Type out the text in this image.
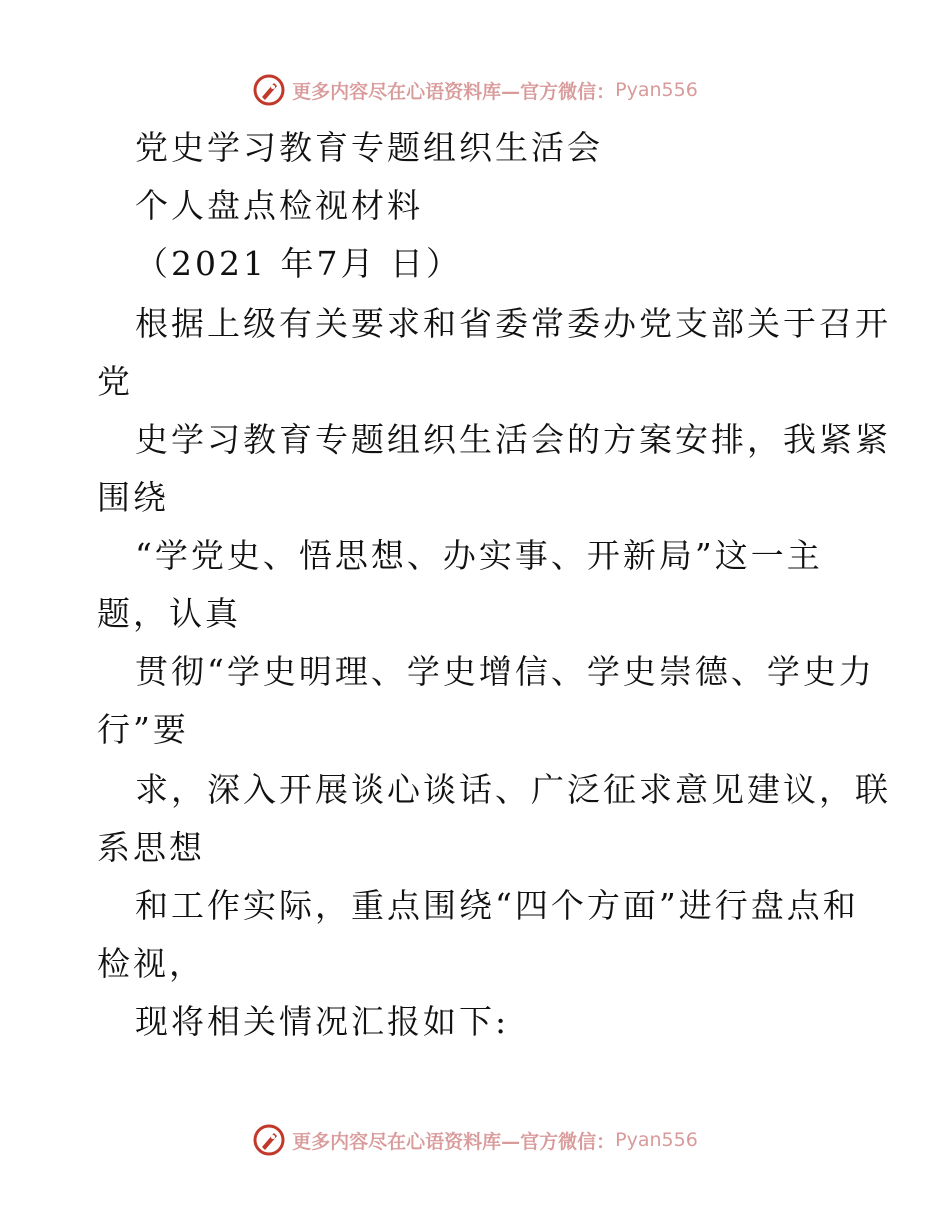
更多内容尽在心语资料库—官方微信： Pyan556
党史学习教育专题组织生活会
个人盘点检视材料
（2021 年7月 日）
根据上级有关要求和省委常委办党支部关于召开
党
史学习教育专题组织生活会的方案安排，我紧紧
围绕
“学党史、悟思想、办实事、开新局”这一主
题，认真
贯彻“学史明理、学史增信、学史崇德、学史力
行”要
求，深入开展谈心谈话、广泛征求意见建议，联
系思想
和工作实际，重点围绕“四个方面”进行盘点和
检视，
现将相关情况汇报如下:
更多内容尽在心语资料库—官方微信： Pyan556
